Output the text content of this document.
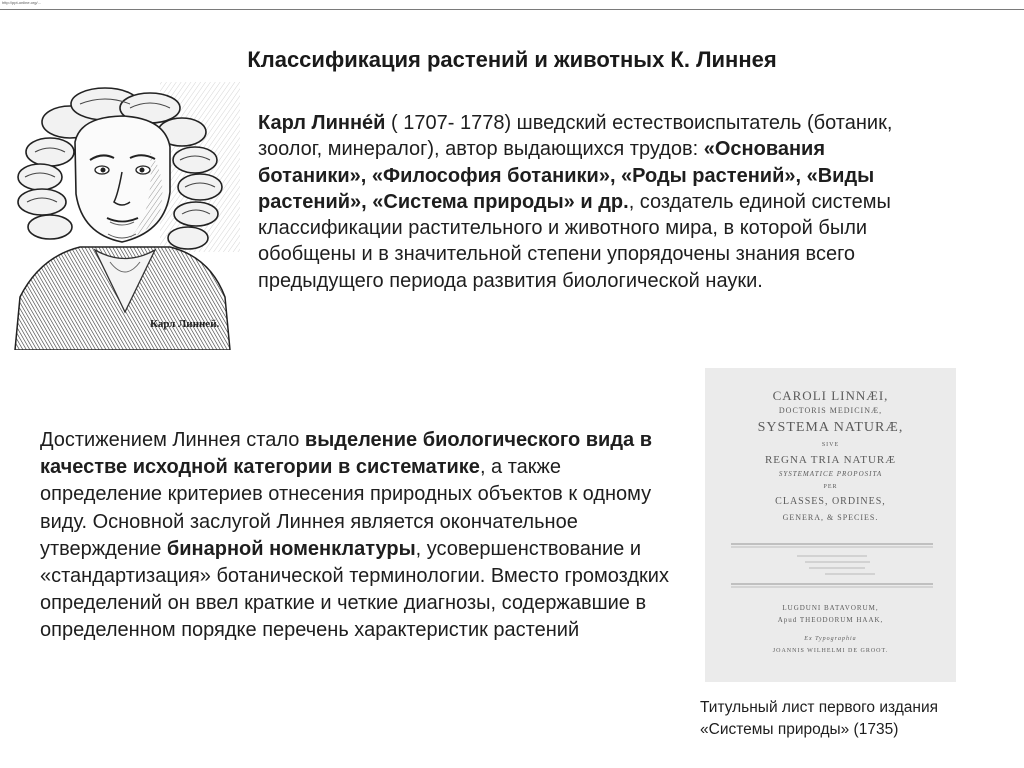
http://ppt-online.org/...
Классификация растений и животных К. Линнея
Карл Линней.
Карл Линне́й ( 1707- 1778) шведский естествоиспытатель (ботаник, зоолог, минералог), автор выдающихся трудов: «Основания ботаники», «Философия ботаники», «Роды растений», «Виды растений», «Система природы» и др., создатель единой системы классификации растительного и животного мира, в которой были обобщены и в значительной степени упорядочены знания всего предыдущего периода развития биологической науки.
Достижением Линнея стало выделение биологического вида в качестве исходной категории в систематике, а также определение критериев отнесения природных объектов к одному виду. Основной заслугой Линнея является окончательное утверждение бинарной номенклатуры, усовершенствование и «стандартизация» ботанической терминологии. Вместо громоздких определений он ввел краткие и четкие диагнозы, содержавшие в определенном порядке перечень характеристик растений
CAROLI LINNÆI,
DOCTORIS MEDICINÆ,
SYSTEMA NATURÆ,
SIVE
REGNA TRIA NATURÆ
SYSTEMATICE PROPOSITA
PER
CLASSES, ORDINES,
GENERA, & SPECIES.
LUGDUNI BATAVORUM,
Apud THEODORUM HAAK,
Ex Typographia
JOANNIS WILHELMI DE GROOT.
Титульный лист первого издания «Системы природы» (1735)
